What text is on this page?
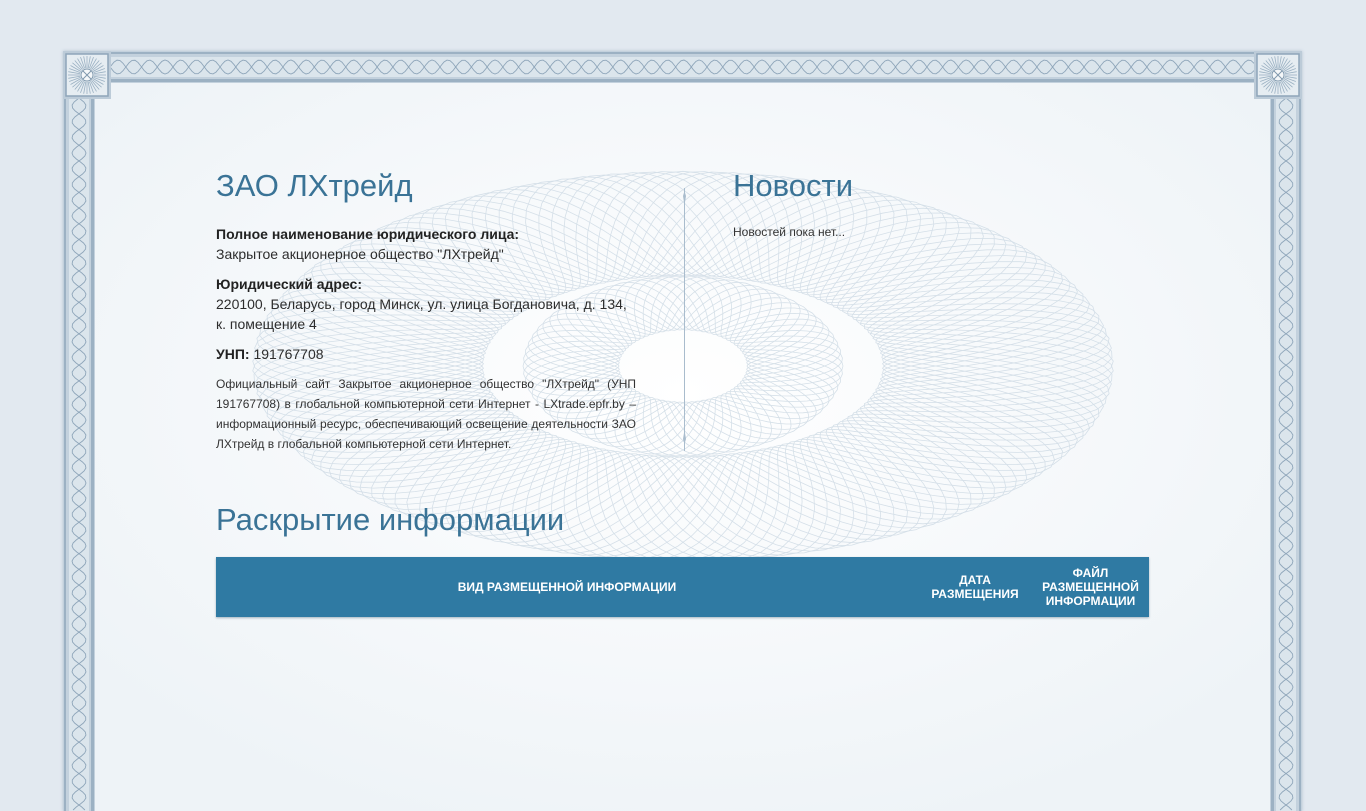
ЗАО ЛХтрейд
Полное наименование юридического лица:
Закрытое акционерное общество "ЛХтрейд"
Юридический адрес:
220100, Беларусь, город Минск, ул. улица Богдановича, д. 134, к. помещение 4
УНП: 191767708
Официальный сайт Закрытое акционерное общество "ЛХтрейд" (УНП 191767708) в глобальной компьютерной сети Интернет - LXtrade.epfr.by – информационный ресурс, обеспечивающий освещение деятельности ЗАО ЛХтрейд в глобальной компьютерной сети Интернет.
Новости
Новостей пока нет...
Раскрытие информации
ВИД РАЗМЕЩЕННОЙ ИНФОРМАЦИИ	ДАТА РАЗМЕЩЕНИЯ
ФАЙЛ РАЗМЕЩЕННОЙ ИНФОРМАЦИИ
